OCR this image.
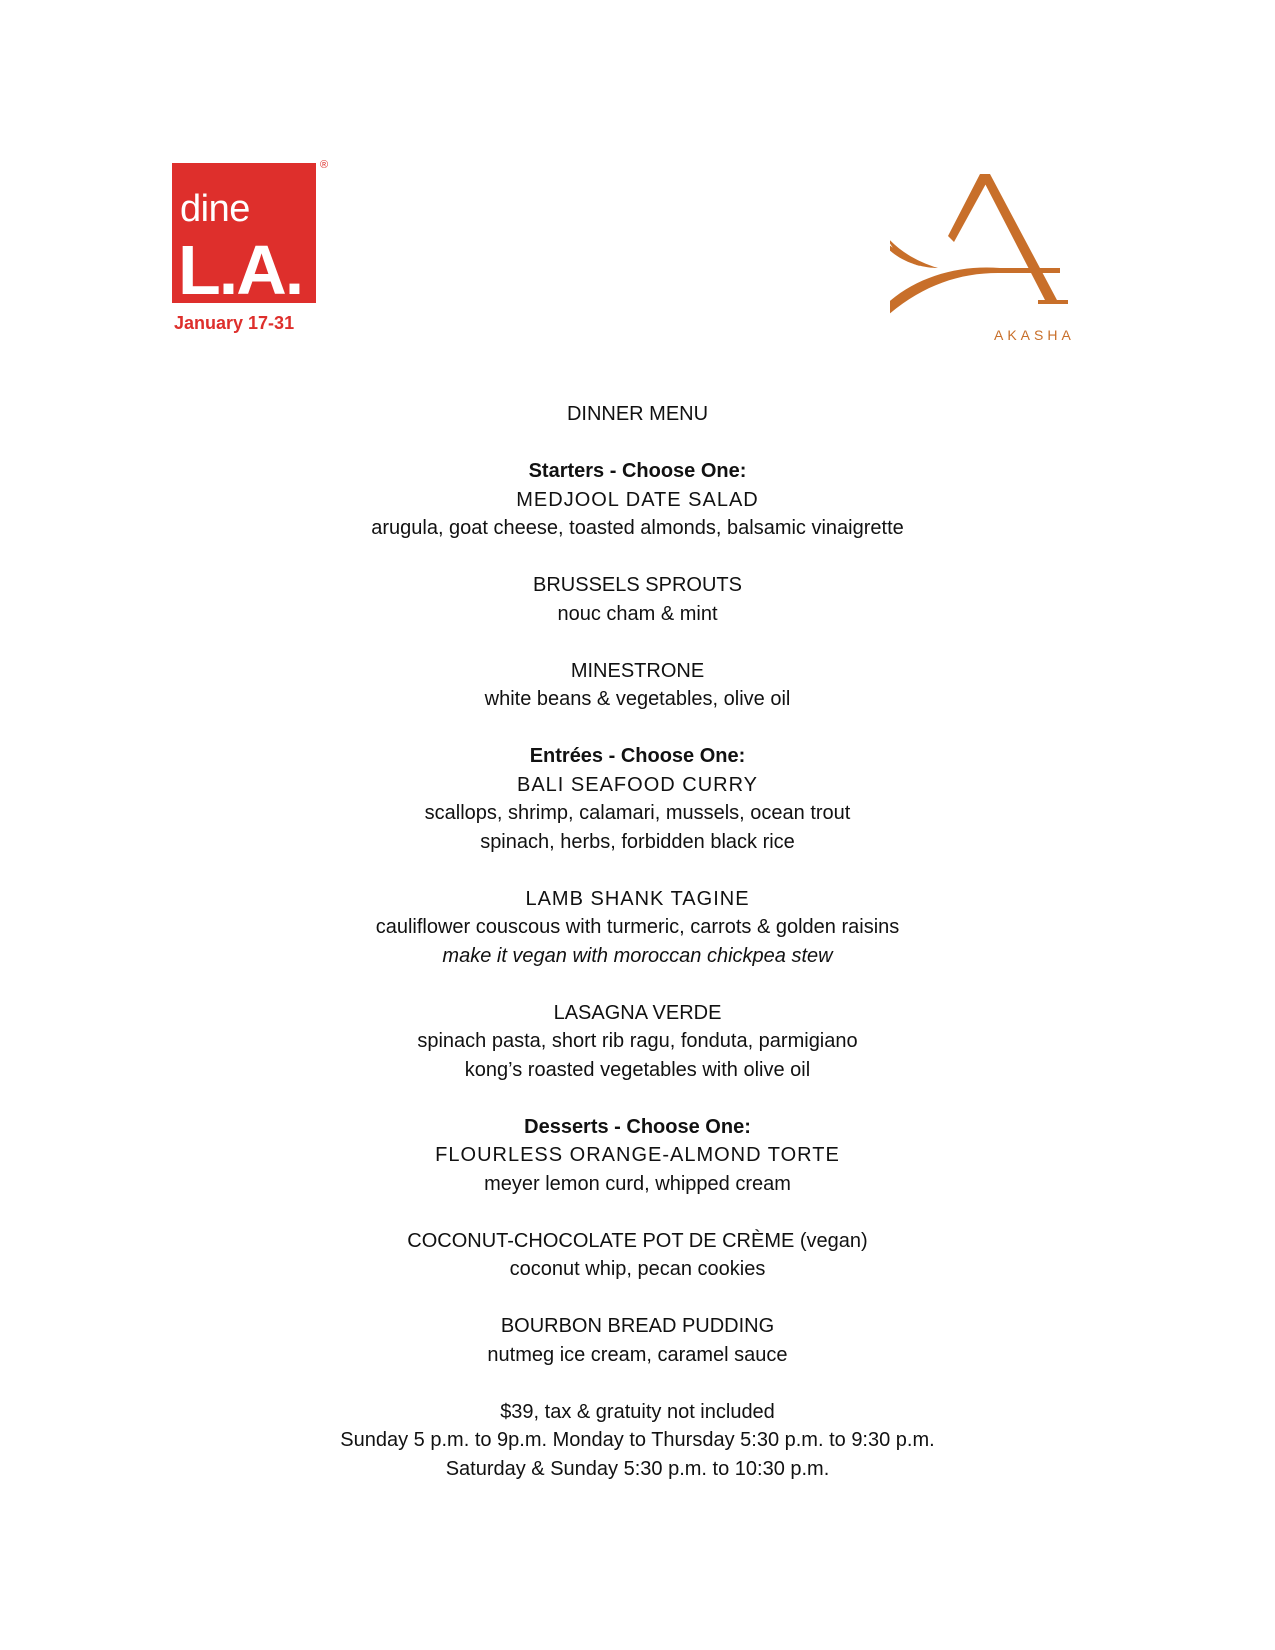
dine
L.A.
®
January 17-31
AKASHA
DINNER MENU
Starters - Choose One:
MEDJOOL DATE SALAD
arugula, goat cheese, toasted almonds, balsamic vinaigrette
BRUSSELS SPROUTS
nouc cham & mint
MINESTRONE
white beans & vegetables, olive oil
Entrées - Choose One:
BALI SEAFOOD CURRY
scallops, shrimp, calamari, mussels, ocean trout
spinach, herbs, forbidden black rice
LAMB SHANK TAGINE
cauliflower couscous with turmeric, carrots & golden raisins
make it vegan with moroccan chickpea stew
LASAGNA VERDE
spinach pasta, short rib ragu, fonduta, parmigiano
kong’s roasted vegetables with olive oil
Desserts - Choose One:
FLOURLESS ORANGE-ALMOND TORTE
meyer lemon curd, whipped cream
COCONUT-CHOCOLATE POT DE CRÈME (vegan)
coconut whip, pecan cookies
BOURBON BREAD PUDDING
nutmeg ice cream, caramel sauce
$39, tax & gratuity not included
Sunday 5 p.m. to 9p.m. Monday to Thursday 5:30 p.m. to 9:30 p.m.
Saturday & Sunday 5:30 p.m. to 10:30 p.m.
